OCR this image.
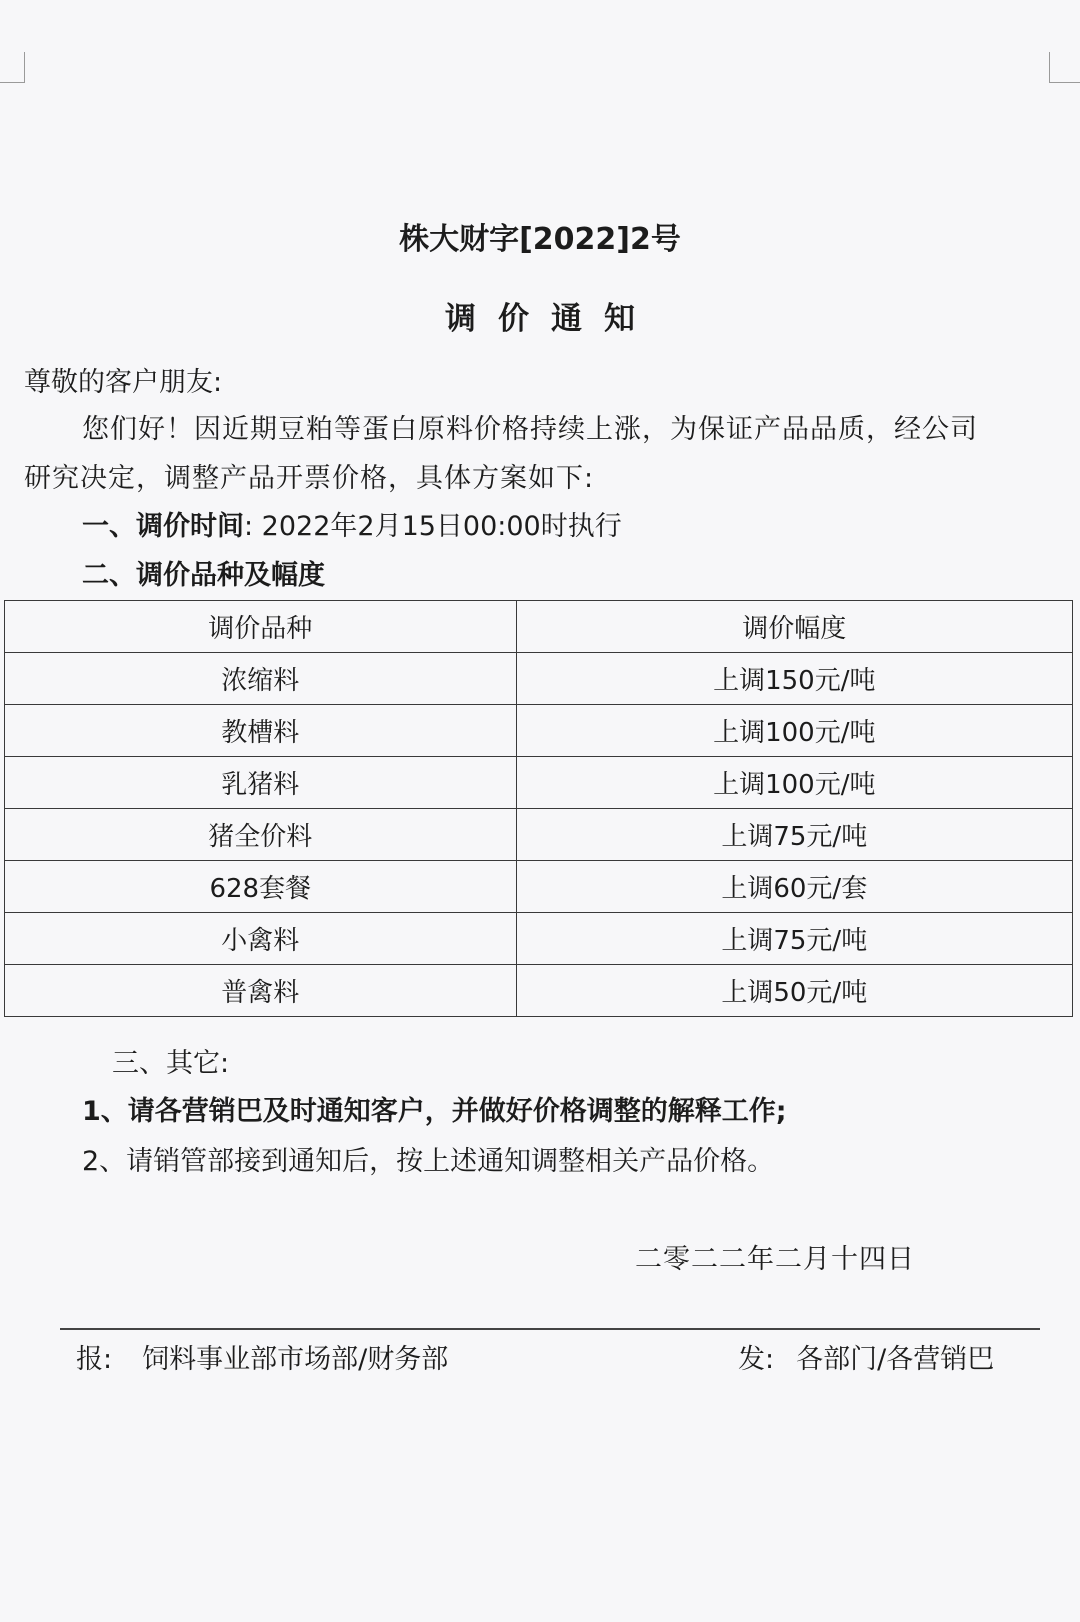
株大财字[2022]2号
调价通知
尊敬的客户朋友:
您们好！因近期豆粕等蛋白原料价格持续上涨，为保证产品品质，经公司
研究决定，调整产品开票价格，具体方案如下:
一、调价时间: 2022年2月15日00:00时执行
二、调价品种及幅度
调价品种	调价幅度
浓缩料	上调150元/吨
教槽料	上调100元/吨
乳猪料	上调100元/吨
猪全价料	上调75元/吨
628套餐	上调60元/套
小禽料	上调75元/吨
普禽料	上调50元/吨
三、其它:
1、请各营销巴及时通知客户，并做好价格调整的解释工作;
2、请销管部接到通知后，按上述通知调整相关产品价格。
二零二二年二月十四日
报: 饲料事业部市场部/财务部	发: 各部门/各营销巴
